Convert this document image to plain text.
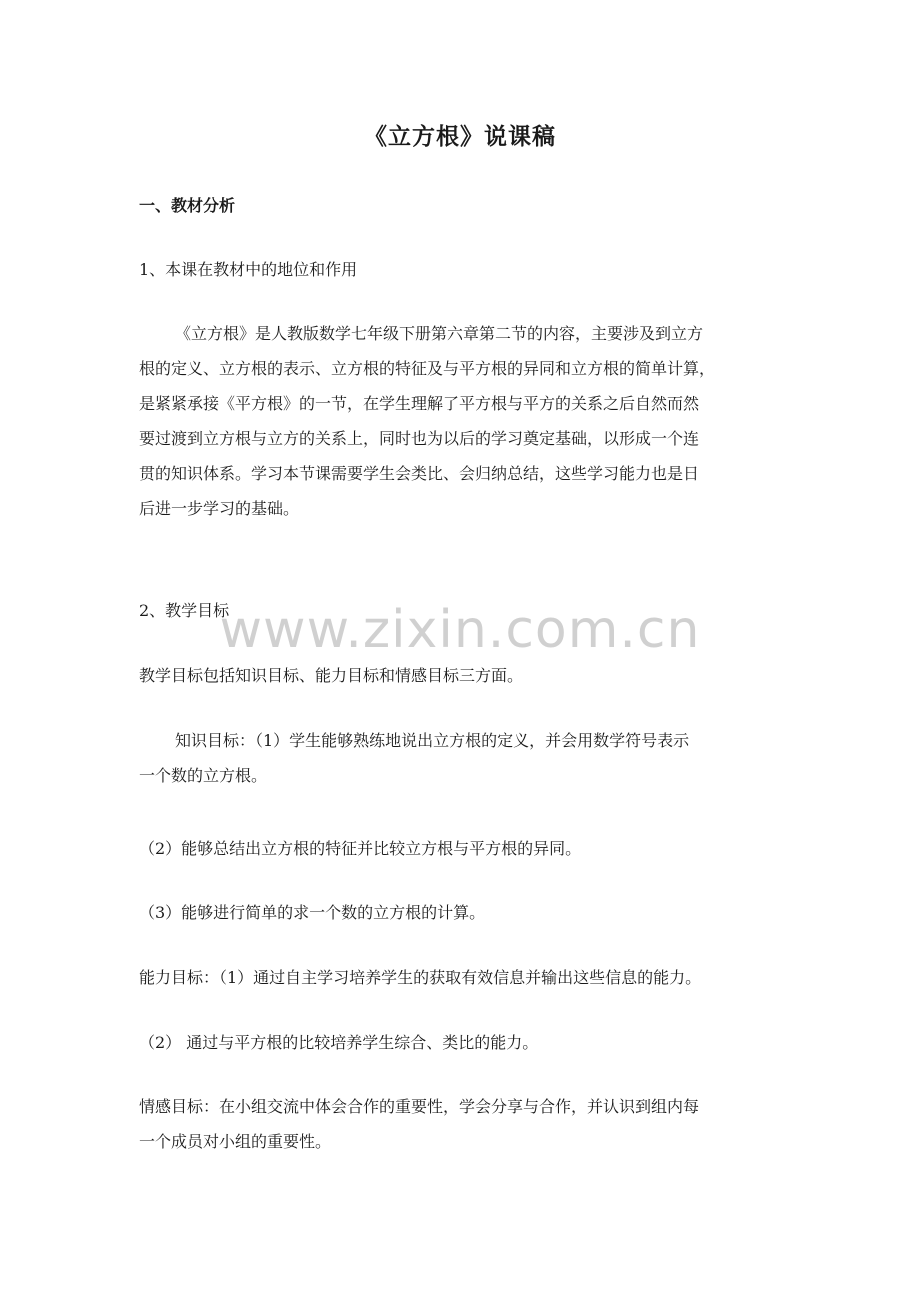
《立方根》说课稿
一、教材分析

1、本课在教材中的地位和作用

《立方根》是人教版数学七年级下册第六章第二节的内容，主要涉及到立方
根的定义、立方根的表示、立方根的特征及与平方根的异同和立方根的简单计算，
是紧紧承接《平方根》的一节，在学生理解了平方根与平方的关系之后自然而然
要过渡到立方根与立方的关系上，同时也为以后的学习奠定基础，以形成一个连
贯的知识体系。学习本节课需要学生会类比、会归纳总结，这些学习能力也是日
后进一步学习的基础。

2、教学目标

教学目标包括知识目标、能力目标和情感目标三方面。

知识目标：（1）学生能够熟练地说出立方根的定义，并会用数学符号表示
一个数的立方根。

（2）能够总结出立方根的特征并比较立方根与平方根的异同。

（3）能够进行简单的求一个数的立方根的计算。

能力目标：（1）通过自主学习培养学生的获取有效信息并输出这些信息的能力。

（2） 通过与平方根的比较培养学生综合、类比的能力。

情感目标：在小组交流中体会合作的重要性，学会分享与合作，并认识到组内每
一个成员对小组的重要性。

www.zixin.com.cn
